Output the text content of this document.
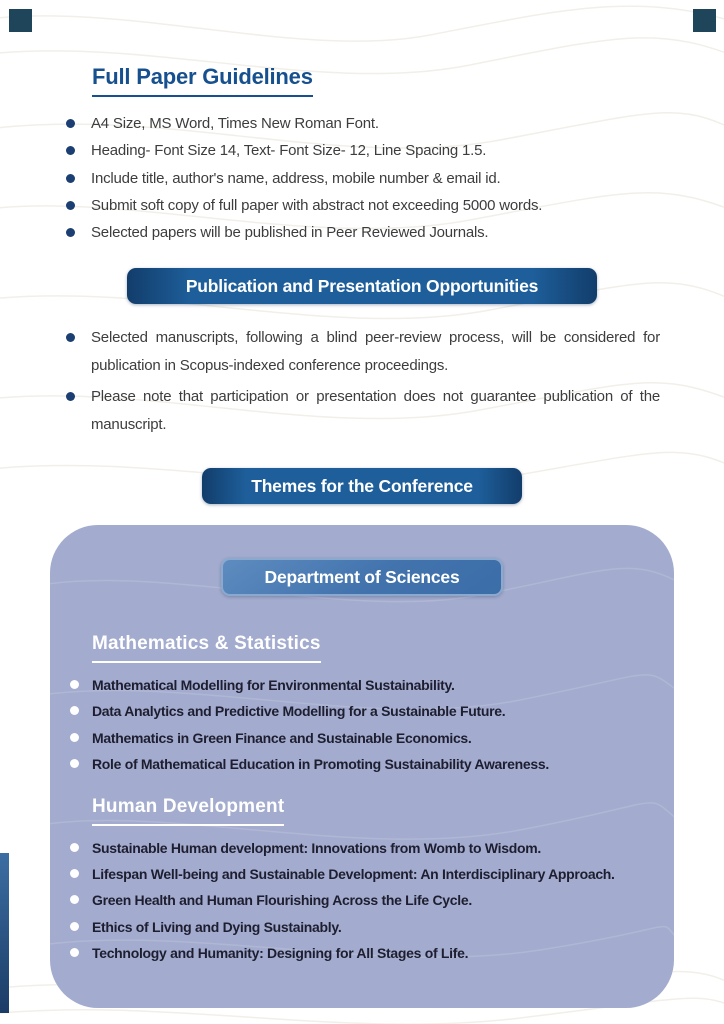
Full Paper Guidelines
A4 Size, MS Word, Times New Roman Font.
Heading- Font Size 14, Text- Font Size- 12, Line Spacing 1.5.
Include title, author's name, address, mobile number & email id.
Submit soft copy of full paper with abstract not exceeding 5000 words.
Selected papers will be published in Peer Reviewed Journals.
Publication and Presentation Opportunities
Selected manuscripts, following a blind peer-review process, will be considered for publication in Scopus-indexed conference proceedings.
Please note that participation or presentation does not guarantee publication of the manuscript.
Themes for the Conference
Department of Sciences
Mathematics & Statistics
Mathematical Modelling for Environmental Sustainability.
Data Analytics and Predictive Modelling for a Sustainable Future.
Mathematics in Green Finance and Sustainable Economics.
Role of Mathematical Education in Promoting Sustainability Awareness.
Human Development
Sustainable Human development: Innovations from Womb to Wisdom.
Lifespan Well-being and Sustainable Development: An Interdisciplinary Approach.
Green Health and Human Flourishing Across the Life Cycle.
Ethics of Living and Dying Sustainably.
Technology and Humanity: Designing for All Stages of Life.
